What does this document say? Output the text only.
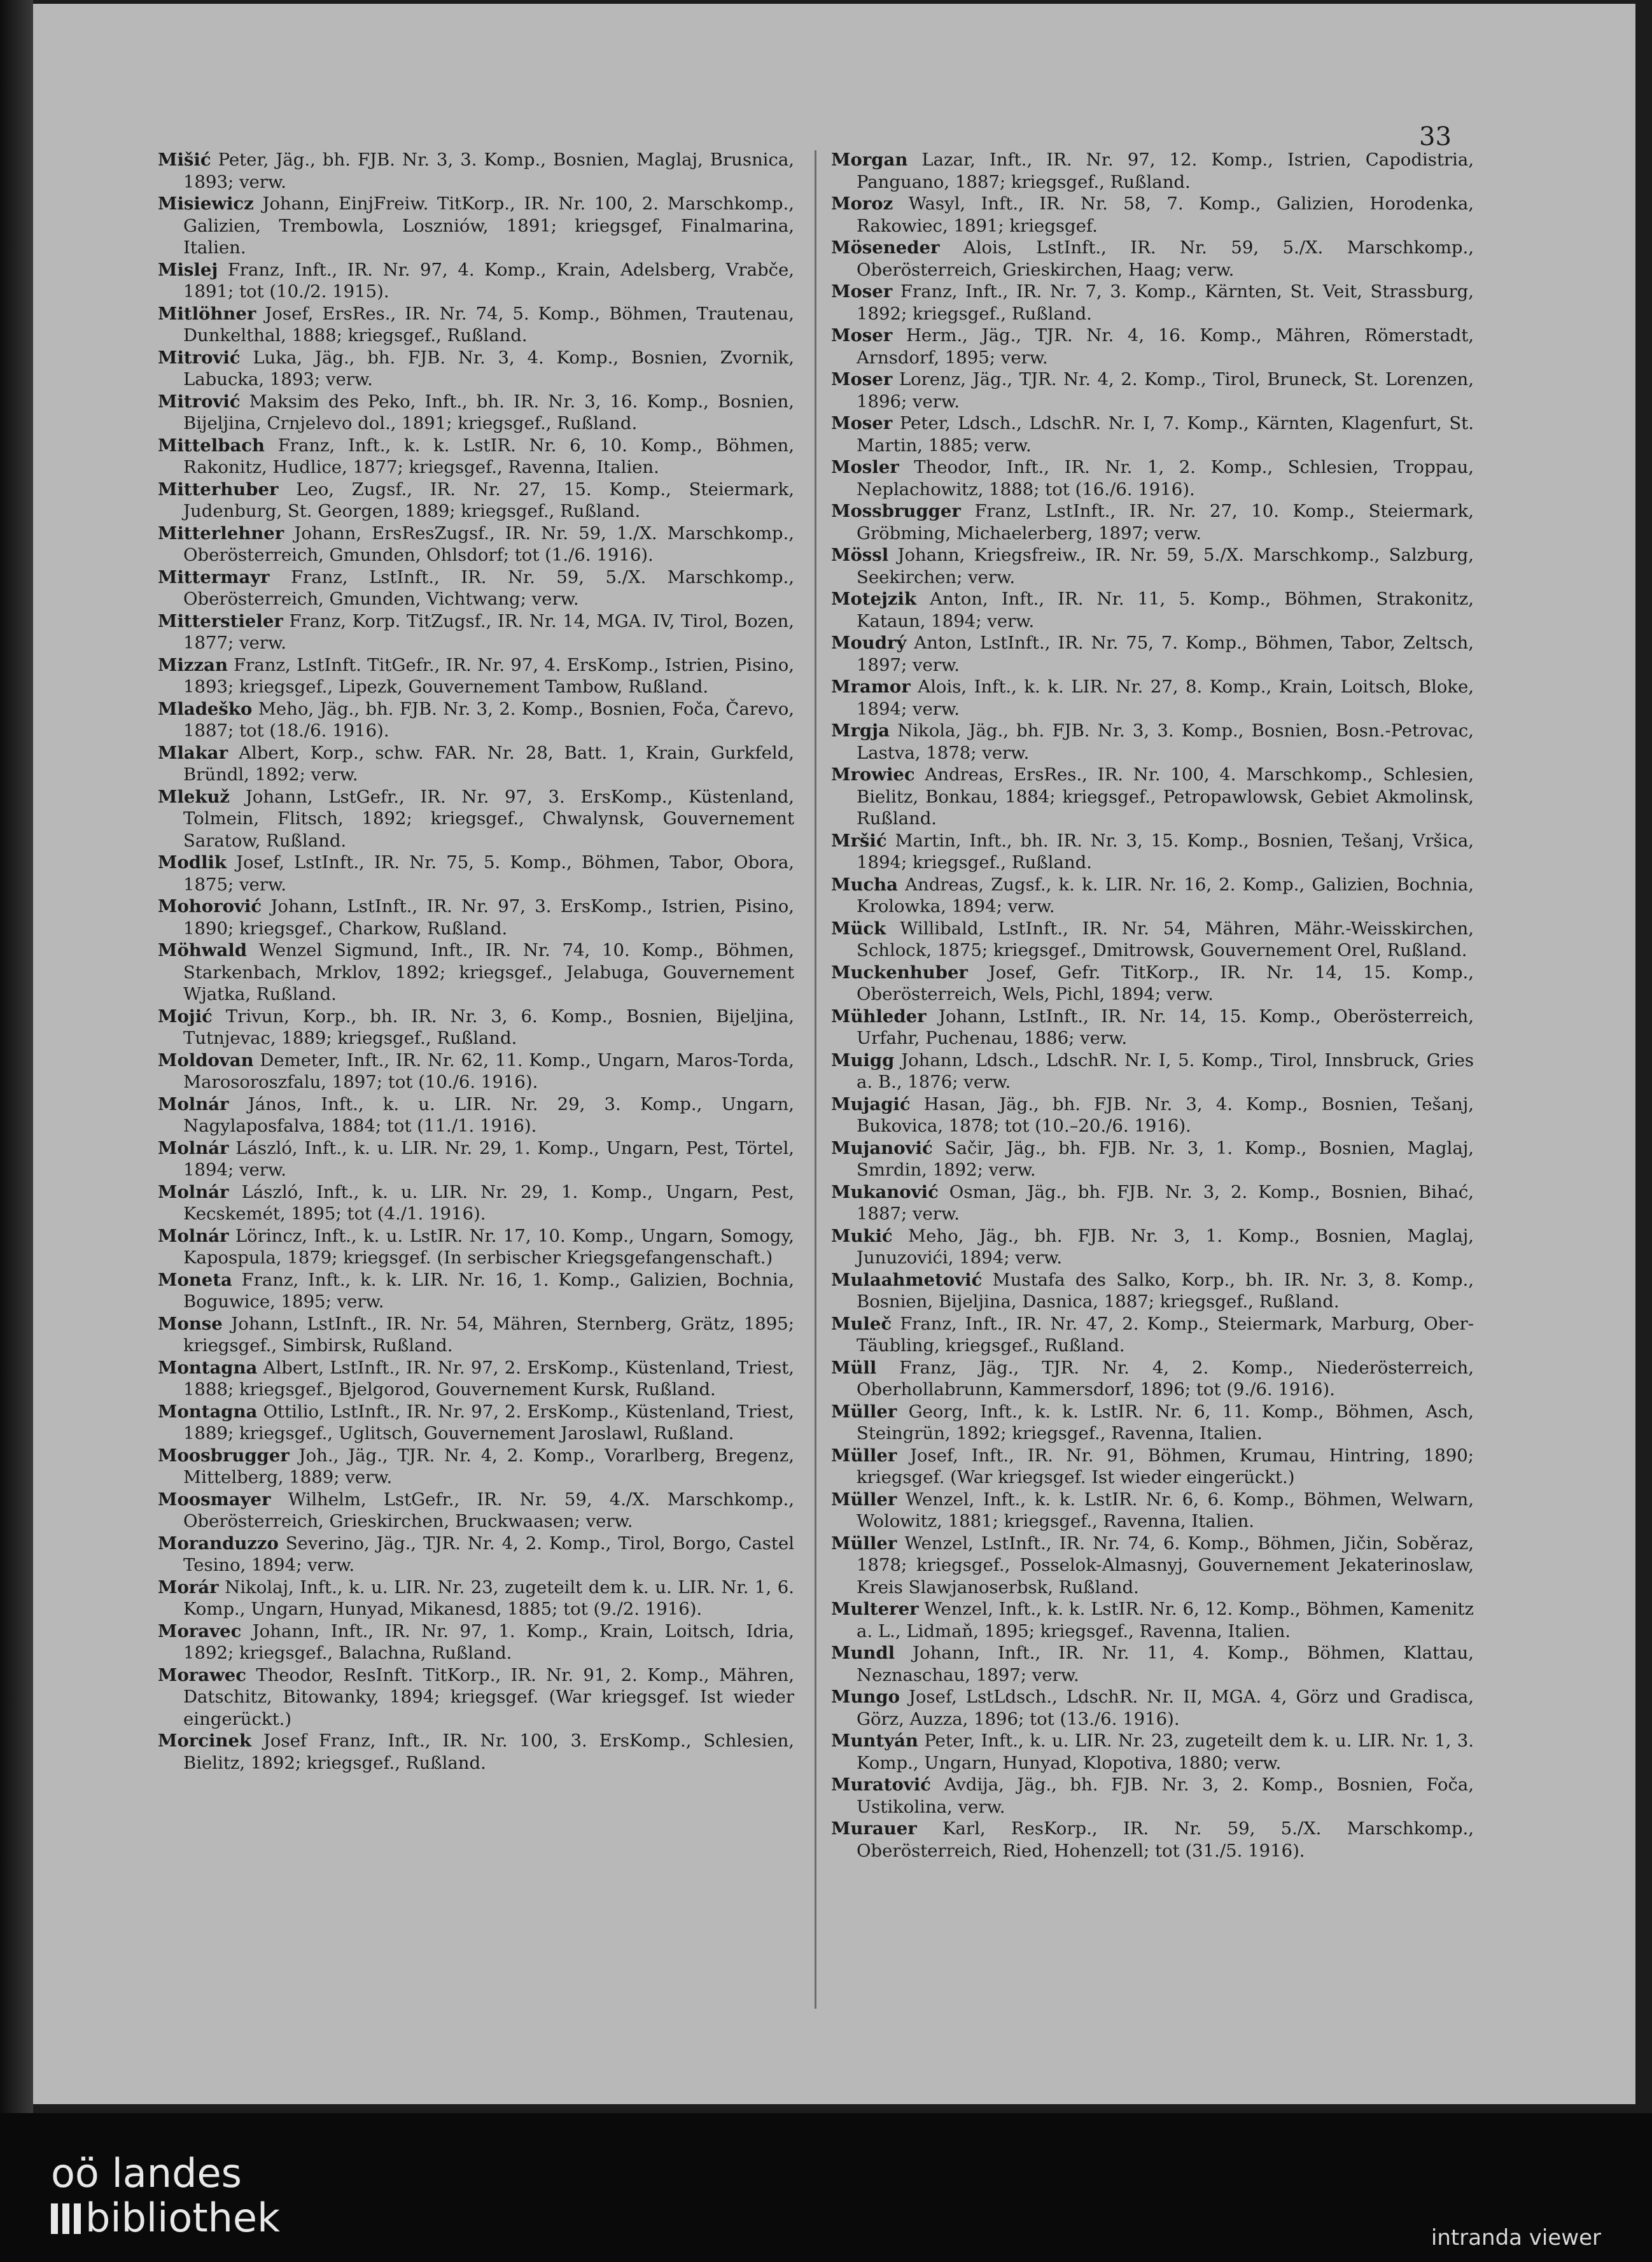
33

Mišić Peter, Jäg., bh. FJB. Nr. 3, 3. Komp., Bosnien, Maglaj, Brusnica, 1893; verw.
Misiewicz Johann, EinjFreiw. TitKorp., IR. Nr. 100, 2. Marschkomp., Galizien, Trembowla, Loszniów, 1891; kriegsgef, Finalmarina, Italien.
Mislej Franz, Inft., IR. Nr. 97, 4. Komp., Krain, Adelsberg, Vrabče, 1891; tot (10./2. 1915).
Mitlöhner Josef, ErsRes., IR. Nr. 74, 5. Komp., Böhmen, Trautenau, Dunkelthal, 1888; kriegsgef., Rußland.
Mitrović Luka, Jäg., bh. FJB. Nr. 3, 4. Komp., Bosnien, Zvornik, Labucka, 1893; verw.
Mitrović Maksim des Peko, Inft., bh. IR. Nr. 3, 16. Komp., Bosnien, Bijeljina, Crnjelevo dol., 1891; kriegsgef., Rußland.
Mittelbach Franz, Inft., k. k. LstIR. Nr. 6, 10. Komp., Böhmen, Rakonitz, Hudlice, 1877; kriegsgef., Ravenna, Italien.
Mitterhuber Leo, Zugsf., IR. Nr. 27, 15. Komp., Steiermark, Judenburg, St. Georgen, 1889; kriegsgef., Rußland.
Mitterlehner Johann, ErsResZugsf., IR. Nr. 59, 1./X. Marschkomp., Oberösterreich, Gmunden, Ohlsdorf; tot (1./6. 1916).
Mittermayr Franz, LstInft., IR. Nr. 59, 5./X. Marschkomp., Oberösterreich, Gmunden, Vichtwang; verw.
Mitterstieler Franz, Korp. TitZugsf., IR. Nr. 14, MGA. IV, Tirol, Bozen, 1877; verw.
Mizzan Franz, LstInft. TitGefr., IR. Nr. 97, 4. ErsKomp., Istrien, Pisino, 1893; kriegsgef., Lipezk, Gouvernement Tambow, Rußland.
Mladeško Meho, Jäg., bh. FJB. Nr. 3, 2. Komp., Bosnien, Foča, Čarevo, 1887; tot (18./6. 1916).
Mlakar Albert, Korp., schw. FAR. Nr. 28, Batt. 1, Krain, Gurkfeld, Bründl, 1892; verw.
Mlekuž Johann, LstGefr., IR. Nr. 97, 3. ErsKomp., Küstenland, Tolmein, Flitsch, 1892; kriegsgef., Chwalynsk, Gouvernement Saratow, Rußland.
Modlik Josef, LstInft., IR. Nr. 75, 5. Komp., Böhmen, Tabor, Obora, 1875; verw.
Mohorović Johann, LstInft., IR. Nr. 97, 3. ErsKomp., Istrien, Pisino, 1890; kriegsgef., Charkow, Rußland.
Möhwald Wenzel Sigmund, Inft., IR. Nr. 74, 10. Komp., Böhmen, Starkenbach, Mrklov, 1892; kriegsgef., Jelabuga, Gouvernement Wjatka, Rußland.
Mojić Trivun, Korp., bh. IR. Nr. 3, 6. Komp., Bosnien, Bijeljina, Tutnjevac, 1889; kriegsgef., Rußland.
Moldovan Demeter, Inft., IR. Nr. 62, 11. Komp., Ungarn, Maros-Torda, Marosoroszfalu, 1897; tot (10./6. 1916).
Molnár János, Inft., k. u. LIR. Nr. 29, 3. Komp., Ungarn, Nagylaposfalva, 1884; tot (11./1. 1916).
Molnár László, Inft., k. u. LIR. Nr. 29, 1. Komp., Ungarn, Pest, Törtel, 1894; verw.
Molnár László, Inft., k. u. LIR. Nr. 29, 1. Komp., Ungarn, Pest, Kecskemét, 1895; tot (4./1. 1916).
Molnár Lörincz, Inft., k. u. LstIR. Nr. 17, 10. Komp., Ungarn, Somogy, Kapospula, 1879; kriegsgef. (In serbischer Kriegsgefangenschaft.)
Moneta Franz, Inft., k. k. LIR. Nr. 16, 1. Komp., Galizien, Bochnia, Boguwice, 1895; verw.
Monse Johann, LstInft., IR. Nr. 54, Mähren, Sternberg, Grätz, 1895; kriegsgef., Simbirsk, Rußland.
Montagna Albert, LstInft., IR. Nr. 97, 2. ErsKomp., Küstenland, Triest, 1888; kriegsgef., Bjelgorod, Gouvernement Kursk, Rußland.
Montagna Ottilio, LstInft., IR. Nr. 97, 2. ErsKomp., Küstenland, Triest, 1889; kriegsgef., Uglitsch, Gouvernement Jaroslawl, Rußland.
Moosbrugger Joh., Jäg., TJR. Nr. 4, 2. Komp., Vorarlberg, Bregenz, Mittelberg, 1889; verw.
Moosmayer Wilhelm, LstGefr., IR. Nr. 59, 4./X. Marschkomp., Oberösterreich, Grieskirchen, Bruckwaasen; verw.
Moranduzzo Severino, Jäg., TJR. Nr. 4, 2. Komp., Tirol, Borgo, Castel Tesino, 1894; verw.
Morár Nikolaj, Inft., k. u. LIR. Nr. 23, zugeteilt dem k. u. LIR. Nr. 1, 6. Komp., Ungarn, Hunyad, Mikanesd, 1885; tot (9./2. 1916).
Moravec Johann, Inft., IR. Nr. 97, 1. Komp., Krain, Loitsch, Idria, 1892; kriegsgef., Balachna, Rußland.
Morawec Theodor, ResInft. TitKorp., IR. Nr. 91, 2. Komp., Mähren, Datschitz, Bitowanky, 1894; kriegsgef. (War kriegsgef. Ist wieder eingerückt.)
Morcinek Josef Franz, Inft., IR. Nr. 100, 3. ErsKomp., Schlesien, Bielitz, 1892; kriegsgef., Rußland.
Morgan Lazar, Inft., IR. Nr. 97, 12. Komp., Istrien, Capodistria, Panguano, 1887; kriegsgef., Rußland.
Moroz Wasyl, Inft., IR. Nr. 58, 7. Komp., Galizien, Horodenka, Rakowiec, 1891; kriegsgef.
Möseneder Alois, LstInft., IR. Nr. 59, 5./X. Marschkomp., Oberösterreich, Grieskirchen, Haag; verw.
Moser Franz, Inft., IR. Nr. 7, 3. Komp., Kärnten, St. Veit, Strassburg, 1892; kriegsgef., Rußland.
Moser Herm., Jäg., TJR. Nr. 4, 16. Komp., Mähren, Römerstadt, Arnsdorf, 1895; verw.
Moser Lorenz, Jäg., TJR. Nr. 4, 2. Komp., Tirol, Bruneck, St. Lorenzen, 1896; verw.
Moser Peter, Ldsch., LdschR. Nr. I, 7. Komp., Kärnten, Klagenfurt, St. Martin, 1885; verw.
Mosler Theodor, Inft., IR. Nr. 1, 2. Komp., Schlesien, Troppau, Neplachowitz, 1888; tot (16./6. 1916).
Mossbrugger Franz, LstInft., IR. Nr. 27, 10. Komp., Steiermark, Gröbming, Michaelerberg, 1897; verw.
Mössl Johann, Kriegsfreiw., IR. Nr. 59, 5./X. Marschkomp., Salzburg, Seekirchen; verw.
Motejzik Anton, Inft., IR. Nr. 11, 5. Komp., Böhmen, Strakonitz, Kataun, 1894; verw.
Moudrý Anton, LstInft., IR. Nr. 75, 7. Komp., Böhmen, Tabor, Zeltsch, 1897; verw.
Mramor Alois, Inft., k. k. LIR. Nr. 27, 8. Komp., Krain, Loitsch, Bloke, 1894; verw.
Mrgja Nikola, Jäg., bh. FJB. Nr. 3, 3. Komp., Bosnien, Bosn.-Petrovac, Lastva, 1878; verw.
Mrowiec Andreas, ErsRes., IR. Nr. 100, 4. Marschkomp., Schlesien, Bielitz, Bonkau, 1884; kriegsgef., Petropawlowsk, Gebiet Akmolinsk, Rußland.
Mršić Martin, Inft., bh. IR. Nr. 3, 15. Komp., Bosnien, Tešanj, Vršica, 1894; kriegsgef., Rußland.
Mucha Andreas, Zugsf., k. k. LIR. Nr. 16, 2. Komp., Galizien, Bochnia, Krolowka, 1894; verw.
Mück Willibald, LstInft., IR. Nr. 54, Mähren, Mähr.-Weisskirchen, Schlock, 1875; kriegsgef., Dmitrowsk, Gouvernement Orel, Rußland.
Muckenhuber Josef, Gefr. TitKorp., IR. Nr. 14, 15. Komp., Oberösterreich, Wels, Pichl, 1894; verw.
Mühleder Johann, LstInft., IR. Nr. 14, 15. Komp., Oberösterreich, Urfahr, Puchenau, 1886; verw.
Muigg Johann, Ldsch., LdschR. Nr. I, 5. Komp., Tirol, Innsbruck, Gries a. B., 1876; verw.
Mujagić Hasan, Jäg., bh. FJB. Nr. 3, 4. Komp., Bosnien, Tešanj, Bukovica, 1878; tot (10.–20./6. 1916).
Mujanović Sačir, Jäg., bh. FJB. Nr. 3, 1. Komp., Bosnien, Maglaj, Smrdin, 1892; verw.
Mukanović Osman, Jäg., bh. FJB. Nr. 3, 2. Komp., Bosnien, Bihać, 1887; verw.
Mukić Meho, Jäg., bh. FJB. Nr. 3, 1. Komp., Bosnien, Maglaj, Junuzovići, 1894; verw.
Mulaahmetović Mustafa des Salko, Korp., bh. IR. Nr. 3, 8. Komp., Bosnien, Bijeljina, Dasnica, 1887; kriegsgef., Rußland.
Muleč Franz, Inft., IR. Nr. 47, 2. Komp., Steiermark, Marburg, Ober-Täubling, kriegsgef., Rußland.
Müll Franz, Jäg., TJR. Nr. 4, 2. Komp., Niederösterreich, Oberhollabrunn, Kammersdorf, 1896; tot (9./6. 1916).
Müller Georg, Inft., k. k. LstIR. Nr. 6, 11. Komp., Böhmen, Asch, Steingrün, 1892; kriegsgef., Ravenna, Italien.
Müller Josef, Inft., IR. Nr. 91, Böhmen, Krumau, Hintring, 1890; kriegsgef. (War kriegsgef. Ist wieder eingerückt.)
Müller Wenzel, Inft., k. k. LstIR. Nr. 6, 6. Komp., Böhmen, Welwarn, Wolowitz, 1881; kriegsgef., Ravenna, Italien.
Müller Wenzel, LstInft., IR. Nr. 74, 6. Komp., Böhmen, Jičin, Soběraz, 1878; kriegsgef., Posselok-Almasnyj, Gouvernement Jekaterinoslaw, Kreis Slawjanoserbsk, Rußland.
Multerer Wenzel, Inft., k. k. LstIR. Nr. 6, 12. Komp., Böhmen, Kamenitz a. L., Lidmaň, 1895; kriegsgef., Ravenna, Italien.
Mundl Johann, Inft., IR. Nr. 11, 4. Komp., Böhmen, Klattau, Neznaschau, 1897; verw.
Mungo Josef, LstLdsch., LdschR. Nr. II, MGA. 4, Görz und Gradisca, Görz, Auzza, 1896; tot (13./6. 1916).
Muntyán Peter, Inft., k. u. LIR. Nr. 23, zugeteilt dem k. u. LIR. Nr. 1, 3. Komp., Ungarn, Hunyad, Klopotiva, 1880; verw.
Muratović Avdija, Jäg., bh. FJB. Nr. 3, 2. Komp., Bosnien, Foča, Ustikolina, verw.
Murauer Karl, ResKorp., IR. Nr. 59, 5./X. Marschkomp., Oberösterreich, Ried, Hohenzell; tot (31./5. 1916).
oö landes
bibliothek	intranda viewer
